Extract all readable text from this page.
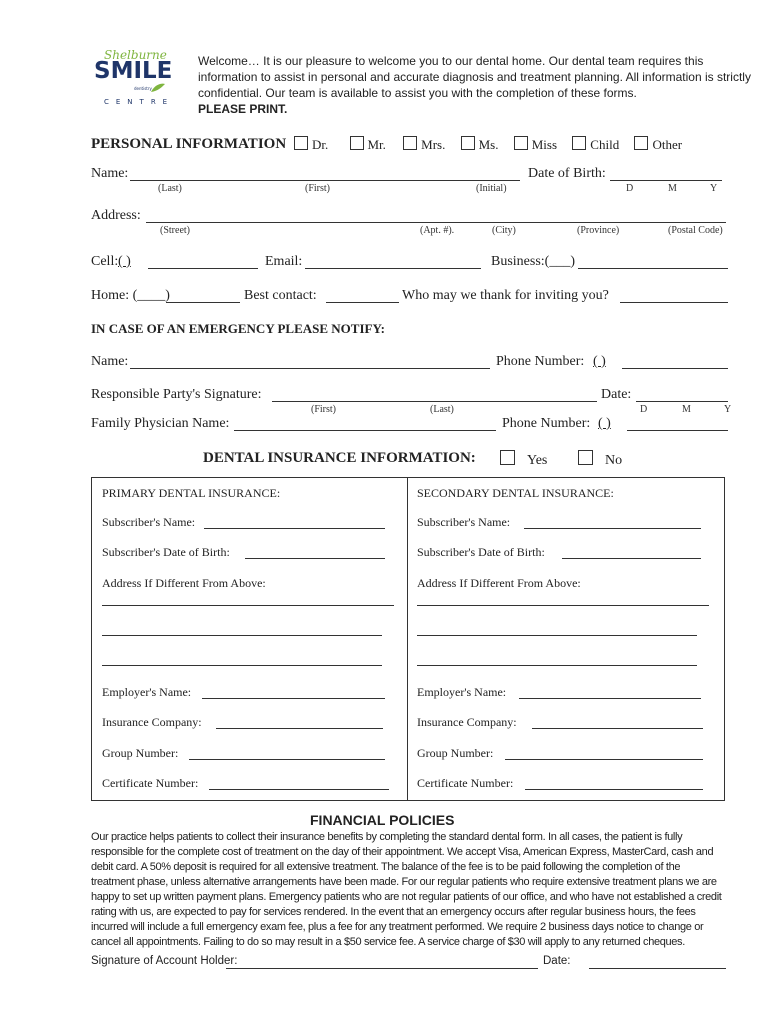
Shelburne
SMILE
dentistry
CENTRE
Welcome… It is our pleasure to welcome you to our dental home. Our dental team requires this
information to assist in personal and accurate diagnosis and treatment planning. All information is strictly
confidential. Our team is available to assist you with the completion of these forms.
PLEASE PRINT.
PERSONAL INFORMATION	Dr.	Mr.	Mrs.	Ms.	Miss	Child	Other
Name:	Date of Birth:
(Last)	(First)	(Initial)	D	M	Y
Address:
(Street)	(Apt. #).	(City)	(Province)	(Postal Code)
Cell: ( )	Email:	Business:(___)
Home: (____)	Best contact:	Who may we thank for inviting you?
IN CASE OF AN EMERGENCY PLEASE NOTIFY:
Name:	Phone Number: ( )
Responsible Party's Signature:	Date:
(First)	(Last)	D	M	Y
Family Physician Name:	Phone Number: ( )
DENTAL INSURANCE INFORMATION:	Yes	No
PRIMARY DENTAL INSURANCE:
Subscriber's Name:
Subscriber's Date of Birth:
Address If Different From Above:
Employer's Name:
Insurance Company:
Group Number:
Certificate Number:
SECONDARY DENTAL INSURANCE:
Subscriber's Name:
Subscriber's Date of Birth:
Address If Different From Above:
Employer's Name:
Insurance Company:
Group Number:
Certificate Number:
FINANCIAL POLICIES
Our practice helps patients to collect their insurance benefits by completing the standard dental form. In all cases, the patient is fully
responsible for the complete cost of treatment on the day of their appointment. We accept Visa, American Express, MasterCard, cash and
debit card. A 50% deposit is required for all extensive treatment. The balance of the fee is to be paid following the completion of the
treatment phase, unless alternative arrangements have been made. For our regular patients who require extensive treatment plans we are
happy to set up written payment plans. Emergency patients who are not regular patients of our office, and who have not established a credit
rating with us, are expected to pay for services rendered. In the event that an emergency occurs after regular business hours, the fees
incurred will include a full emergency exam fee, plus a fee for any treatment performed. We require 2 business days notice to change or
cancel all appointments. Failing to do so may result in a $50 service fee. A service charge of $30 will apply to any returned cheques.
Signature of Account Holder:	Date:
